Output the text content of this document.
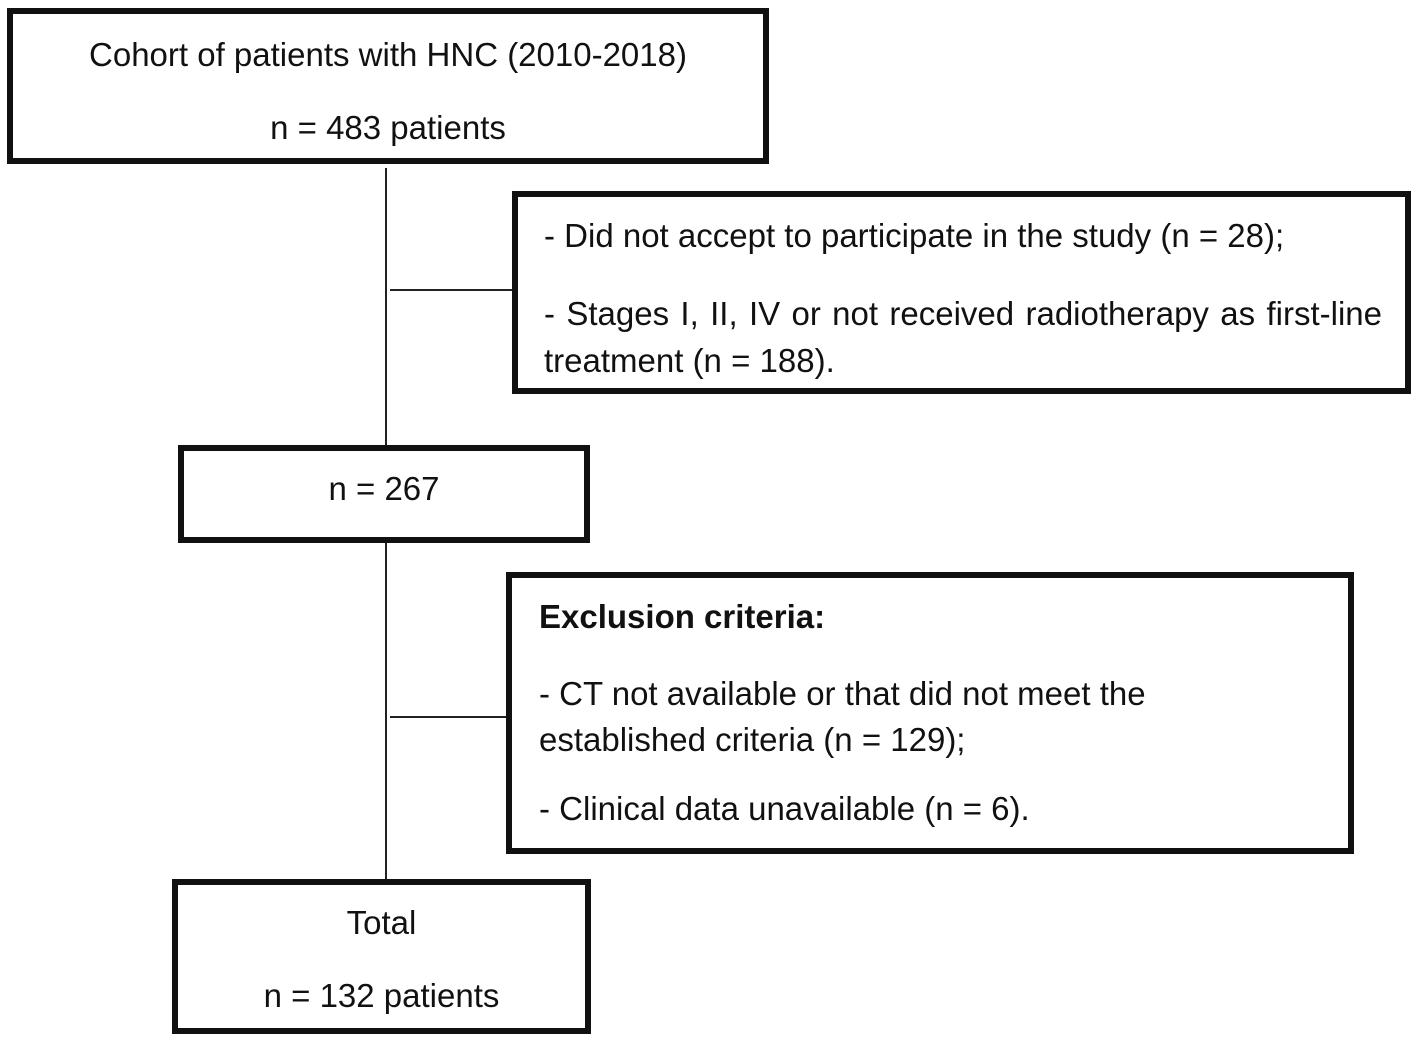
Cohort of patients with HNC (2010-2018)
n = 483 patients
- Did not accept to participate in the study (n = 28);
- Stages I, II, IV or not received radiotherapy as first-line treatment (n = 188).
n = 267
Exclusion criteria:
- CT not available or that did not meet the established criteria (n = 129);
- Clinical data unavailable (n = 6).
Total
n = 132 patients
